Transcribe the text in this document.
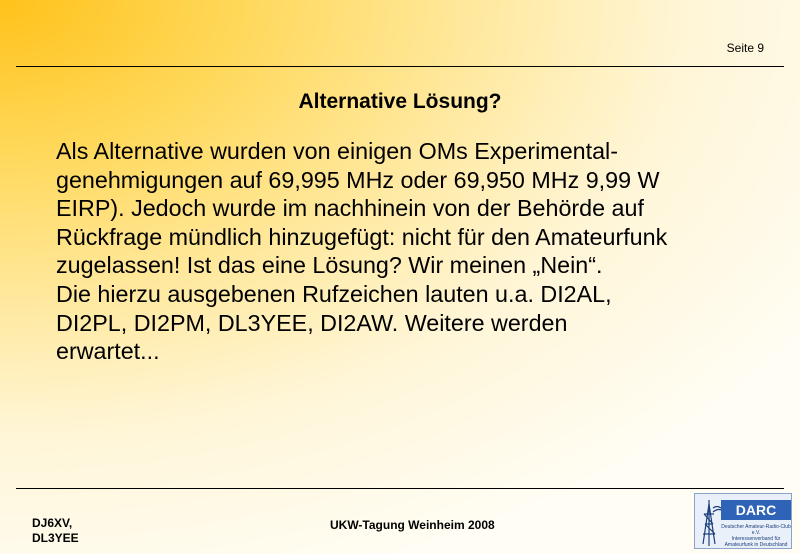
Seite 9
Alternative Lösung?
Als Alternative wurden von einigen OMs Experimental-
genehmigungen auf 69,995 MHz oder 69,950 MHz 9,99 W
EIRP). Jedoch wurde im nachhinein von der Behörde auf
Rückfrage mündlich hinzugefügt: nicht für den Amateurfunk
zugelassen! Ist das eine Lösung? Wir meinen „Nein“.
Die hierzu ausgebenen Rufzeichen lauten u.a. DI2AL,
DI2PL, DI2PM, DL3YEE, DI2AW. Weitere werden
erwartet...
DJ6XV,
DL3YEE
UKW-Tagung Weinheim 2008
DARC
Deutscher Amateur-Radio-Club e.V.
Interessenverband für Amateurfunk in Deutschland
